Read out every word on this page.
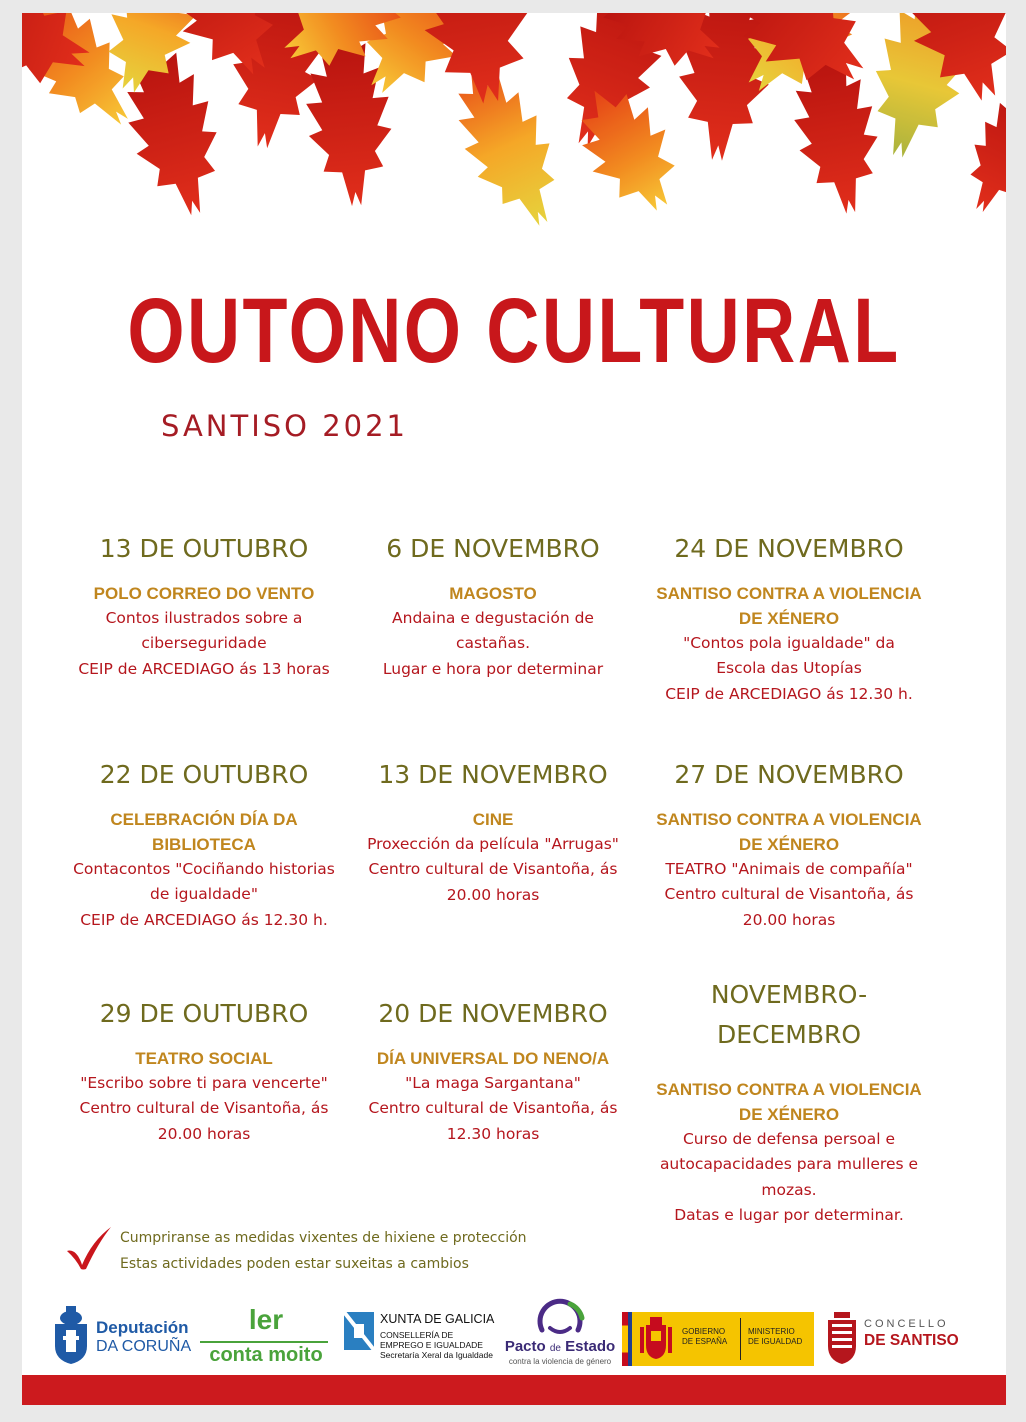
OUTONO CULTURAL

SANTISO 2021

13 DE OUTUBRO

POLO CORREO DO VENTO

Contos ilustrados sobre a
ciberseguridade
CEIP de ARCEDIAGO ás 13 horas

22 DE OUTUBRO

CELEBRACIÓN DÍA DA
BIBLIOTECA

Contacontos "Cociñando historias
de igualdade"
CEIP de ARCEDIAGO ás 12.30 h.

29 DE OUTUBRO

TEATRO SOCIAL

"Escribo sobre ti para vencerte"
Centro cultural de Visantoña, ás
20.00 horas

6 DE NOVEMBRO

MAGOSTO

Andaina e degustación de
castañas.
Lugar e hora por determinar

13 DE NOVEMBRO

CINE

Proxección da película "Arrugas"
Centro cultural de Visantoña, ás
20.00 horas

20 DE NOVEMBRO

DÍA UNIVERSAL DO NENO/A

"La maga Sargantana"
Centro cultural de Visantoña, ás
12.30 horas

24 DE NOVEMBRO

SANTISO CONTRA A VIOLENCIA
DE XÉNERO

"Contos pola igualdade" da
Escola das Utopías
CEIP de ARCEDIAGO ás 12.30 h.

27 DE NOVEMBRO

SANTISO CONTRA A VIOLENCIA
DE XÉNERO

TEATRO "Animais de compañía"
Centro cultural de Visantoña, ás
20.00 horas

NOVEMBRO-
DECEMBRO

SANTISO CONTRA A VIOLENCIA
DE XÉNERO

Curso de defensa persoal e
autocapacidades para mulleres e
mozas.
Datas e lugar por determinar.

Cumpriranse as medidas vixentes de hixiene e protección

Estas actividades poden estar suxeitas a cambios

Deputación
DA CORUÑA
ler
conta moito
XUNTA DE GALICIA
CONSELLERÍA DE
EMPREGO E IGUALDADE
Secretaría Xeral da Igualdade Pacto de Estado
contra la violencia de género
GOBIERNO
DE ESPAÑA
MINISTERIO
DE IGUALDAD
CONCELLO
DE SANTISO
